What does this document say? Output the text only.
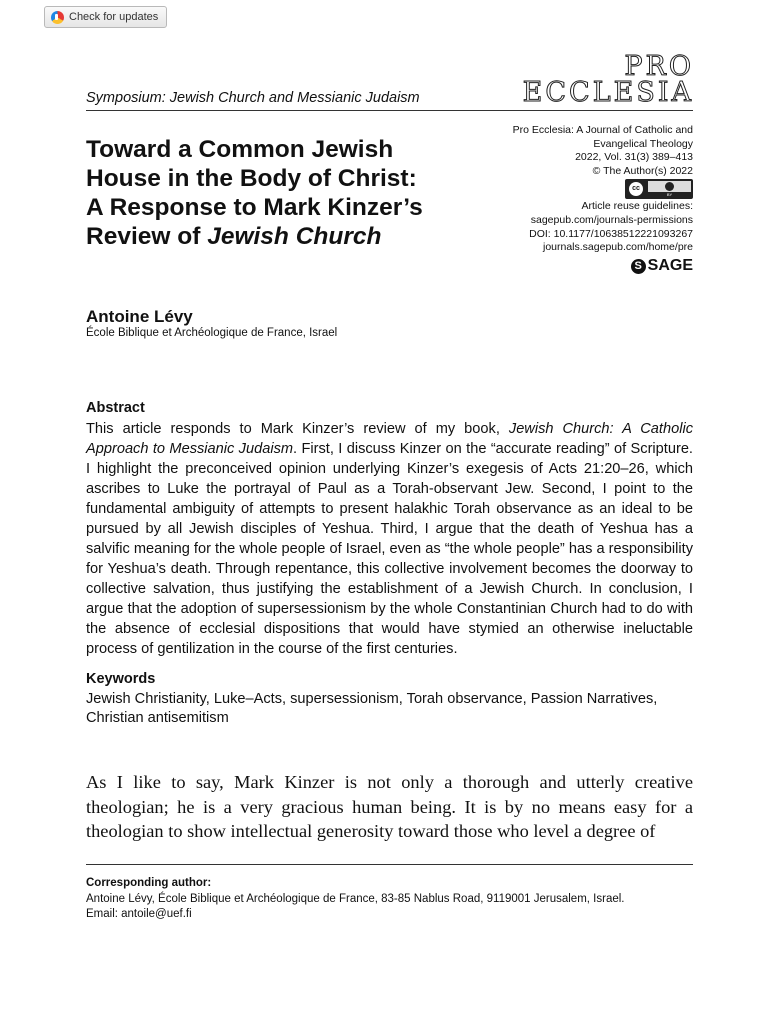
Check for updates
PRO
ECCLESIA
Symposium: Jewish Church and Messianic Judaism
Toward a Common Jewish
House in the Body of Christ:
A Response to Mark Kinzer’s
Review of Jewish Church
Pro Ecclesia: A Journal of Catholic and
Evangelical Theology
2022, Vol. 31(3) 389–413
© The Author(s) 2022
cc
BY
Article reuse guidelines:
sagepub.com/journals-permissions
DOI: 10.1177/10638512221093267
journals.sagepub.com/home/pre
S SAGE
Antoine Lévy
École Biblique et Archéologique de France, Israel
Abstract
This article responds to Mark Kinzer’s review of my book, Jewish Church: A Catholic Approach to Messianic Judaism. First, I discuss Kinzer on the “accurate reading” of Scripture. I highlight the preconceived opinion underlying Kinzer’s exegesis of Acts 21:20–26, which ascribes to Luke the portrayal of Paul as a Torah-observant Jew. Second, I point to the fundamental ambiguity of attempts to present halakhic Torah observance as an ideal to be pursued by all Jewish disciples of Yeshua. Third, I argue that the death of Yeshua has a salvific meaning for the whole people of Israel, even as “the whole people” has a responsibility for Yeshua’s death. Through repentance, this collective involvement becomes the doorway to collective salvation, thus justifying the establishment of a Jewish Church. In conclusion, I argue that the adoption of supersessionism by the whole Constantinian Church had to do with the absence of ecclesial dispositions that would have stymied an otherwise ineluctable process of gentilization in the course of the first centuries.
Keywords
Jewish Christianity, Luke–Acts, supersessionism, Torah observance, Passion Narratives, Christian antisemitism
As I like to say, Mark Kinzer is not only a thorough and utterly creative theologian; he is a very gracious human being. It is by no means easy for a theologian to show intellectual generosity toward those who level a degree of
Corresponding author:
Antoine Lévy, École Biblique et Archéologique de France, 83-85 Nablus Road, 9119001 Jerusalem, Israel.
Email: antoile@uef.fi
